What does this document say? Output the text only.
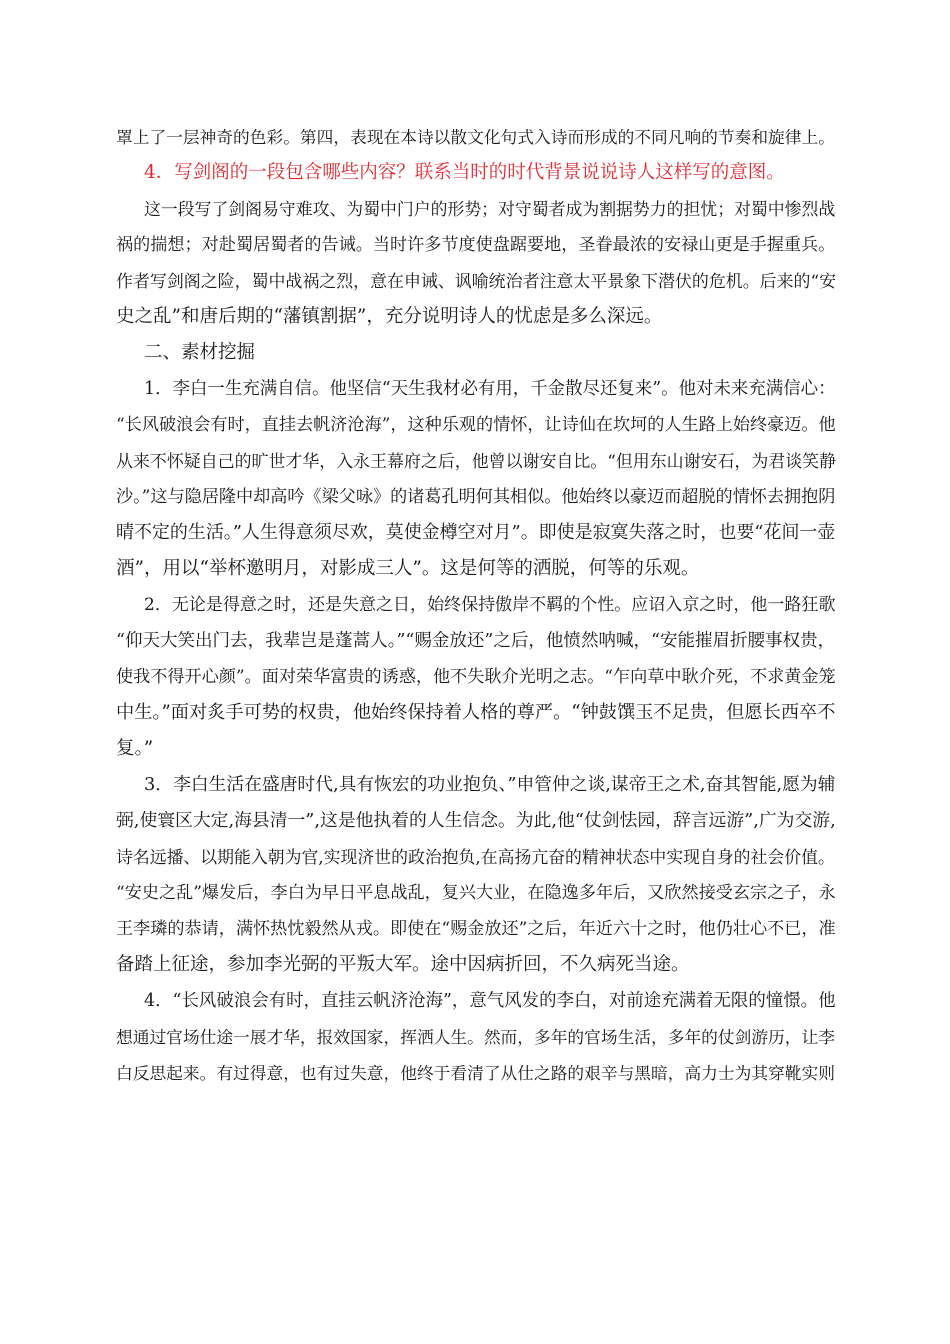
罩上了一层神奇的色彩。第四，表现在本诗以散文化句式入诗而形成的不同凡响的节奏和旋律上。

4．写剑阁的一段包含哪些内容？联系当时的时代背景说说诗人这样写的意图。

这一段写了剑阁易守难攻、为蜀中门户的形势；对守蜀者成为割据势力的担忧；对蜀中惨烈战

祸的揣想；对赴蜀居蜀者的告诫。当时许多节度使盘踞要地，圣眷最浓的安禄山更是手握重兵。

作者写剑阁之险，蜀中战祸之烈，意在申诫、讽喻统治者注意太平景象下潜伏的危机。后来的“安

史之乱”和唐后期的“藩镇割据”，充分说明诗人的忧虑是多么深远。

二、素材挖掘

1．李白一生充满自信。他坚信“天生我材必有用，千金散尽还复来”。他对未来充满信心：

“长风破浪会有时，直挂去帆济沧海”，这种乐观的情怀，让诗仙在坎坷的人生路上始终豪迈。他

从来不怀疑自己的旷世才华，入永王幕府之后，他曾以谢安自比。“但用东山谢安石，为君谈笑静

沙。”这与隐居隆中却高吟《梁父咏》的诸葛孔明何其相似。他始终以豪迈而超脱的情怀去拥抱阴

晴不定的生活。”人生得意须尽欢，莫使金樽空对月”。即使是寂寞失落之时，也要“花间一壶

酒”，用以“举杯邀明月，对影成三人”。这是何等的洒脱，何等的乐观。

2．无论是得意之时，还是失意之日，始终保持傲岸不羁的个性。应诏入京之时，他一路狂歌

“仰天大笑出门去，我辈岂是蓬蒿人。”“赐金放还”之后，他愤然呐喊，“安能摧眉折腰事权贵，

使我不得开心颜”。面对荣华富贵的诱惑，他不失耿介光明之志。“乍向草中耿介死，不求黄金笼

中生。”面对炙手可势的权贵，他始终保持着人格的尊严。“钟鼓馔玉不足贵，但愿长西卒不

复。”

3．李白生活在盛唐时代,具有恢宏的功业抱负、”申管仲之谈,谋帝王之术,奋其智能,愿为辅

弼,使寰区大定,海县清一”,这是他执着的人生信念。为此,他“仗剑怯园，辞言远游”,广为交游,

诗名远播、以期能入朝为官,实现济世的政治抱负,在高扬亢奋的精神状态中实现自身的社会价值。

“安史之乱”爆发后，李白为早日平息战乱，复兴大业，在隐逸多年后，又欣然接受玄宗之子，永

王李璘的恭请，满怀热忱毅然从戎。即使在“赐金放还”之后，年近六十之时，他仍壮心不已，准

备踏上征途，参加李光弼的平叛大军。途中因病折回，不久病死当途。

4．“长风破浪会有时，直挂云帆济沧海”，意气风发的李白，对前途充满着无限的憧憬。他

想通过官场仕途一展才华，报效国家，挥洒人生。然而，多年的官场生活，多年的仗剑游历，让李

白反思起来。有过得意，也有过失意，他终于看清了从仕之路的艰辛与黑暗，高力士为其穿靴实则
